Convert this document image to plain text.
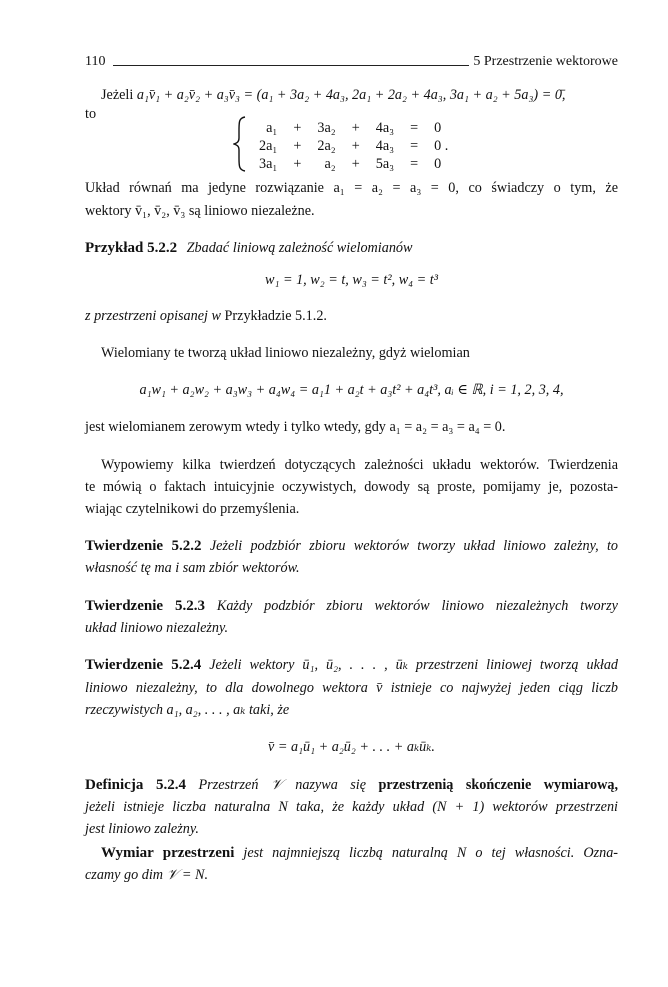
110	5 Przestrzenie wektorowe
Jeżeli a₁v̄₁ + a₂v̄₂ + a₃v̄₃ = (a₁ + 3a₂ + 4a₃, 2a₁ + 2a₂ + 4a₃, 3a₁ + a₂ + 5a₃) = 0̄,
to
a₁	+	3a₂	+	4a₃	=	0
2a₁	+	2a₂	+	4a₃	=	0 .
3a₁	+	a₂	+	5a₃	=	0
Układ równań ma jedyne rozwiązanie a₁ = a₂ = a₃ = 0, co świadczy o tym, że
wektory v̄₁, v̄₂, v̄₃ są liniowo niezależne.
Przykład 5.2.2 Zbadać liniową zależność wielomianów
w₁ = 1, w₂ = t, w₃ = t², w₄ = t³
z przestrzeni opisanej w Przykładzie 5.1.2.
Wielomiany te tworzą układ liniowo niezależny, gdyż wielomian
a₁w₁ + a₂w₂ + a₃w₃ + a₄w₄ = a₁1 + a₂t + a₃t² + a₄t³, aᵢ ∈ ℝ, i = 1, 2, 3, 4,
jest wielomianem zerowym wtedy i tylko wtedy, gdy a₁ = a₂ = a₃ = a₄ = 0.
Wypowiemy kilka twierdzeń dotyczących zależności układu wektorów. Twierdzenia
te mówią o faktach intuicyjnie oczywistych, dowody są proste, pomijamy je, pozosta-
wiając czytelnikowi do przemyślenia.
Twierdzenie 5.2.2 Jeżeli podzbiór zbioru wektorów tworzy układ liniowo zależny, to
własność tę ma i sam zbiór wektorów.
Twierdzenie 5.2.3 Każdy podzbiór zbioru wektorów liniowo niezależnych tworzy
układ liniowo niezależny.
Twierdzenie 5.2.4 Jeżeli wektory ū₁, ū₂, . . . , ūₖ przestrzeni liniowej tworzą układ
liniowo niezależny, to dla dowolnego wektora v̄ istnieje co najwyżej jeden ciąg liczb
rzeczywistych a₁, a₂, . . . , aₖ taki, że
v̄ = a₁ū₁ + a₂ū₂ + . . . + aₖūₖ.
Definicja 5.2.4 Przestrzeń 𝒱 nazywa się przestrzenią skończenie wymiarową,
jeżeli istnieje liczba naturalna N taka, że każdy układ (N + 1) wektorów przestrzeni
jest liniowo zależny.
Wymiar przestrzeni jest najmniejszą liczbą naturalną N o tej własności. Ozna-
czamy go dim 𝒱 = N.
